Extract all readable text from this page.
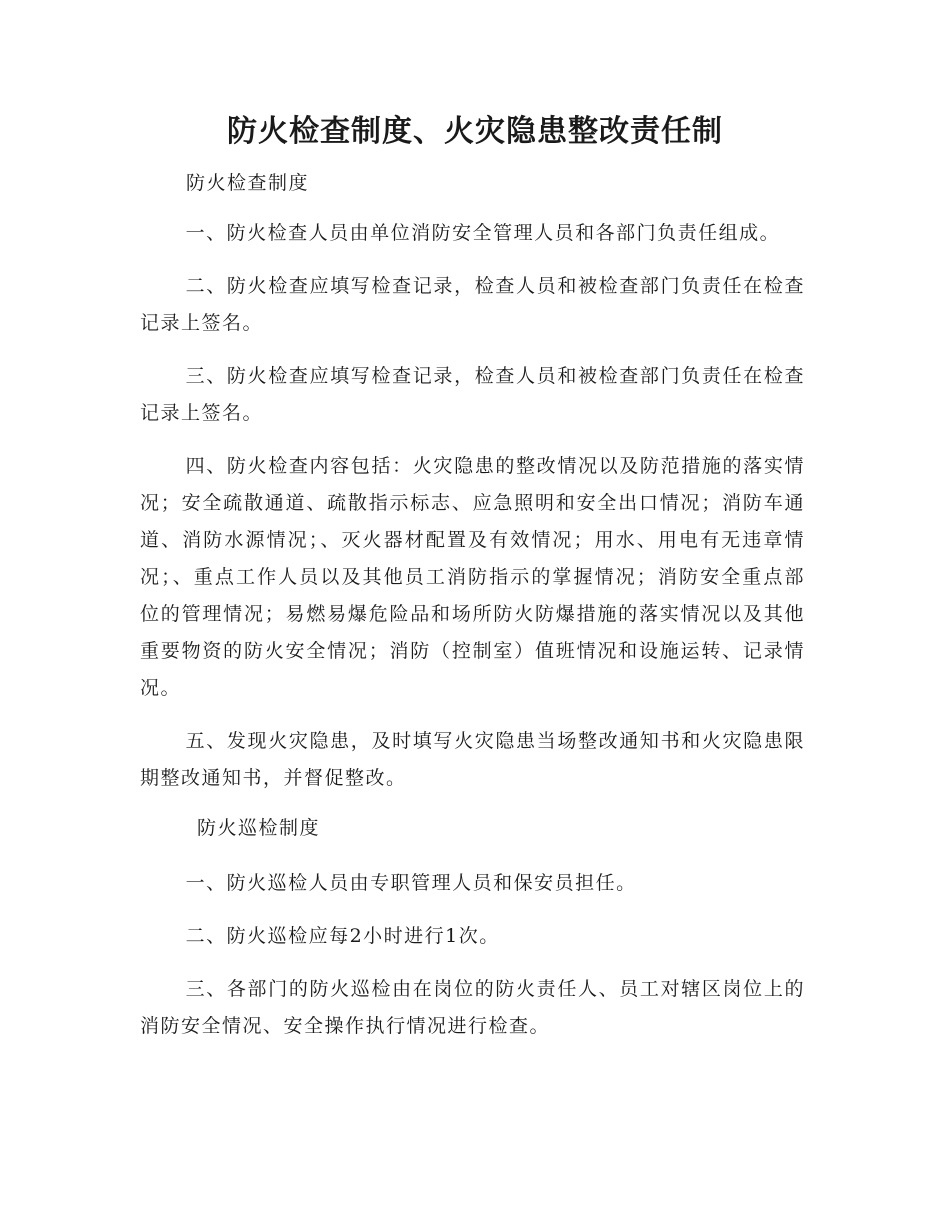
防火检查制度、火灾隐患整改责任制

防火检查制度

一、防火检查人员由单位消防安全管理人员和各部门负责任组成。

二、防火检查应填写检查记录，检查人员和被检查部门负责任在检查记录上签名。

三、防火检查应填写检查记录，检查人员和被检查部门负责任在检查记录上签名。

四、防火检查内容包括：火灾隐患的整改情况以及防范措施的落实情况；安全疏散通道、疏散指示标志、应急照明和安全出口情况；消防车通道、消防水源情况；、灭火器材配置及有效情况；用水、用电有无违章情况；、重点工作人员以及其他员工消防指示的掌握情况；消防安全重点部位的管理情况；易燃易爆危险品和场所防火防爆措施的落实情况以及其他重要物资的防火安全情况；消防（控制室）值班情况和设施运转、记录情况。

五、发现火灾隐患，及时填写火灾隐患当场整改通知书和火灾隐患限期整改通知书，并督促整改。

防火巡检制度

一、防火巡检人员由专职管理人员和保安员担任。

二、防火巡检应每2小时进行1次。

三、各部门的防火巡检由在岗位的防火责任人、员工对辖区岗位上的消防安全情况、安全操作执行情况进行检查。
